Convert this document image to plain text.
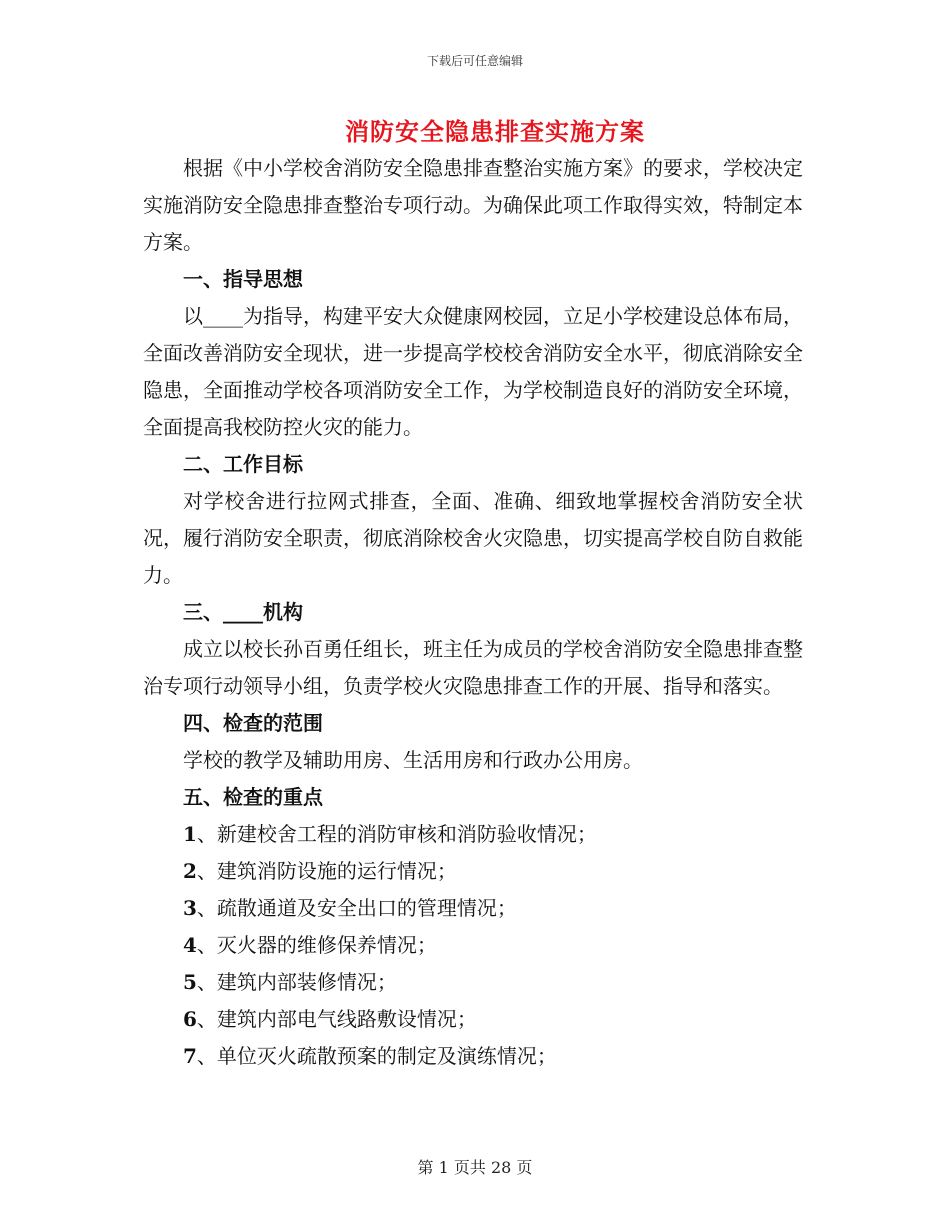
下载后可任意编辑
消防安全隐患排查实施方案

根据《中小学校舍消防安全隐患排查整治实施方案》的要求，学校决定实施消防安全隐患排查整治专项行动。为确保此项工作取得实效，特制定本方案。

一、指导思想

以____为指导，构建平安大众健康网校园，立足小学校建设总体布局，全面改善消防安全现状，进一步提高学校校舍消防安全水平，彻底消除安全隐患，全面推动学校各项消防安全工作，为学校制造良好的消防安全环境，全面提高我校防控火灾的能力。

二、工作目标

对学校舍进行拉网式排查，全面、准确、细致地掌握校舍消防安全状况，履行消防安全职责，彻底消除校舍火灾隐患，切实提高学校自防自救能力。

三、____机构

成立以校长孙百勇任组长，班主任为成员的学校舍消防安全隐患排查整治专项行动领导小组，负责学校火灾隐患排查工作的开展、指导和落实。

四、检查的范围

学校的教学及辅助用房、生活用房和行政办公用房。

五、检查的重点
1、新建校舍工程的消防审核和消防验收情况；
2、建筑消防设施的运行情况；
3、疏散通道及安全出口的管理情况；
4、灭火器的维修保养情况；
5、建筑内部装修情况；
6、建筑内部电气线路敷设情况；
7、单位灭火疏散预案的制定及演练情况；
第 1 页共 28 页
